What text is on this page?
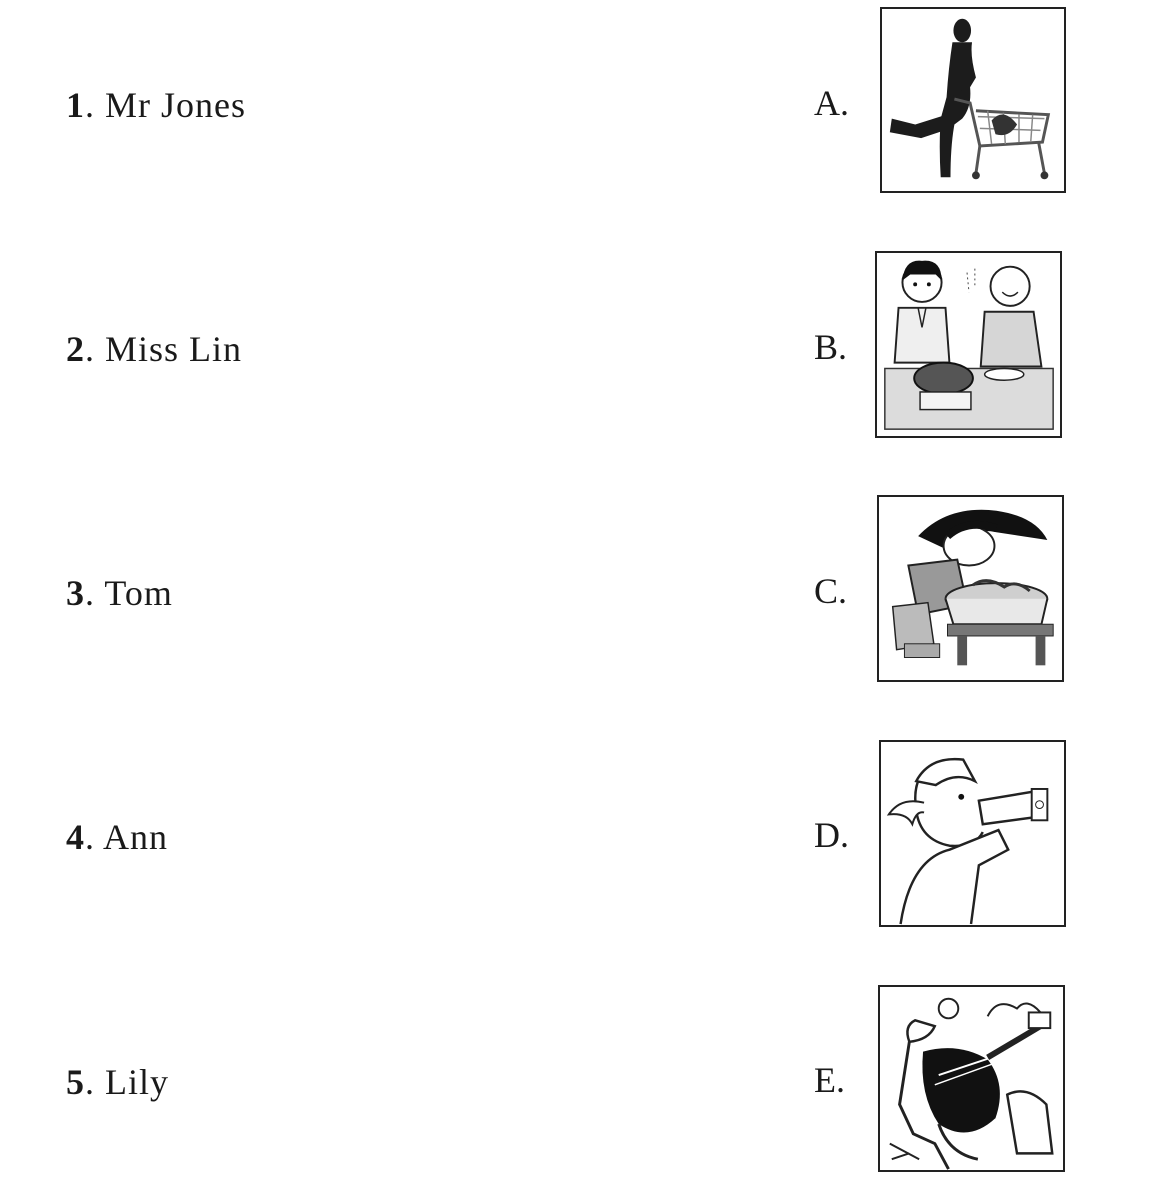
1. Mr Jones	A.
2. Miss Lin	B.
3. Tom	C.
4. Ann	D.
5. Lily	E.
